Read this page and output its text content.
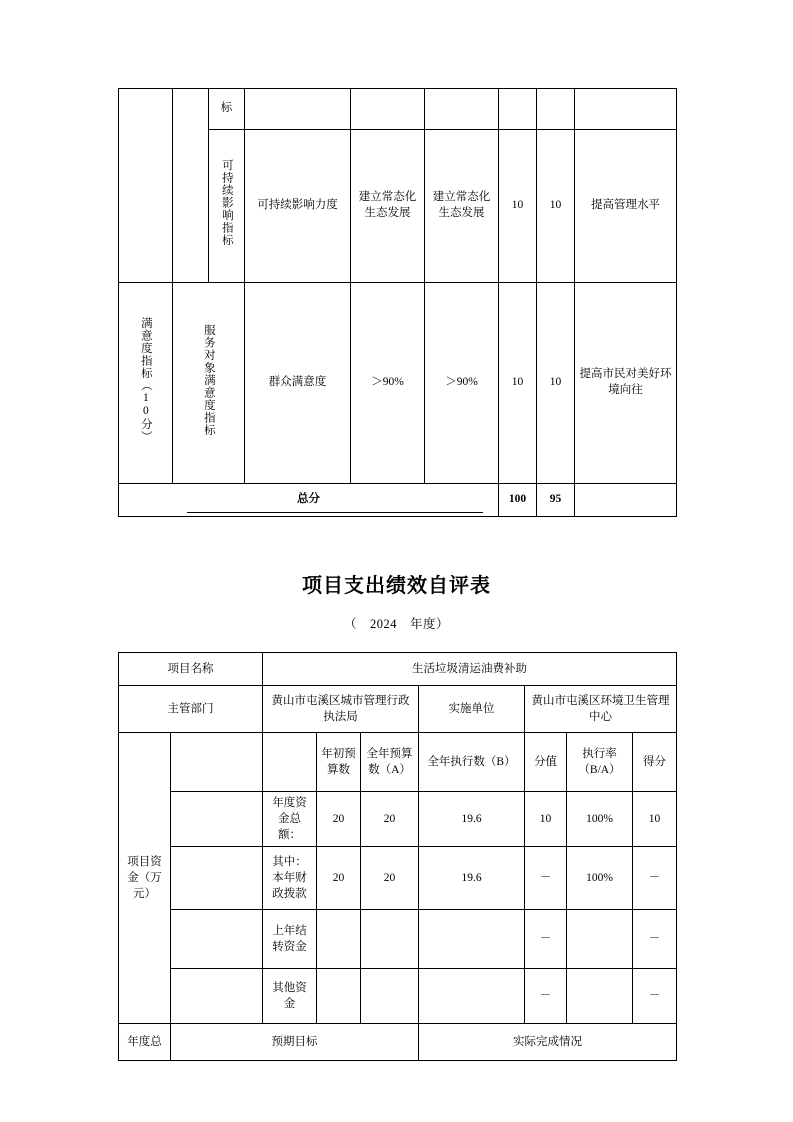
		标						
		可持续影响指标	可持续影响力度	建立常态化生态发展	建立常态化生态发展	10	10	提高管理水平
满意度指标（10分）	服务对象满意度指标		群众满意度	＞90%	＞90%	10	10	提高市民对美好环境向往
总分						100	95	
项目支出绩效自评表
（　2024　年度）
项目名称		生活垃圾清运油费补助						
主管部门		黄山市屯溪区城市管理行政执法局			实施单位	黄山市屯溪区环境卫生管理中心		
项目资金（万元）			年初预算数	全年预算数（A）	全年执行数（B）	分值	执行率（B/A）	得分
		年度资金总额：	20	20	19.6	10	100%	10
		其中：本年财政拨款	20	20	19.6	－	100%	－
		上年结转资金				－		－
		其他资金				－		－
年度总	预期目标				实际完成情况			
